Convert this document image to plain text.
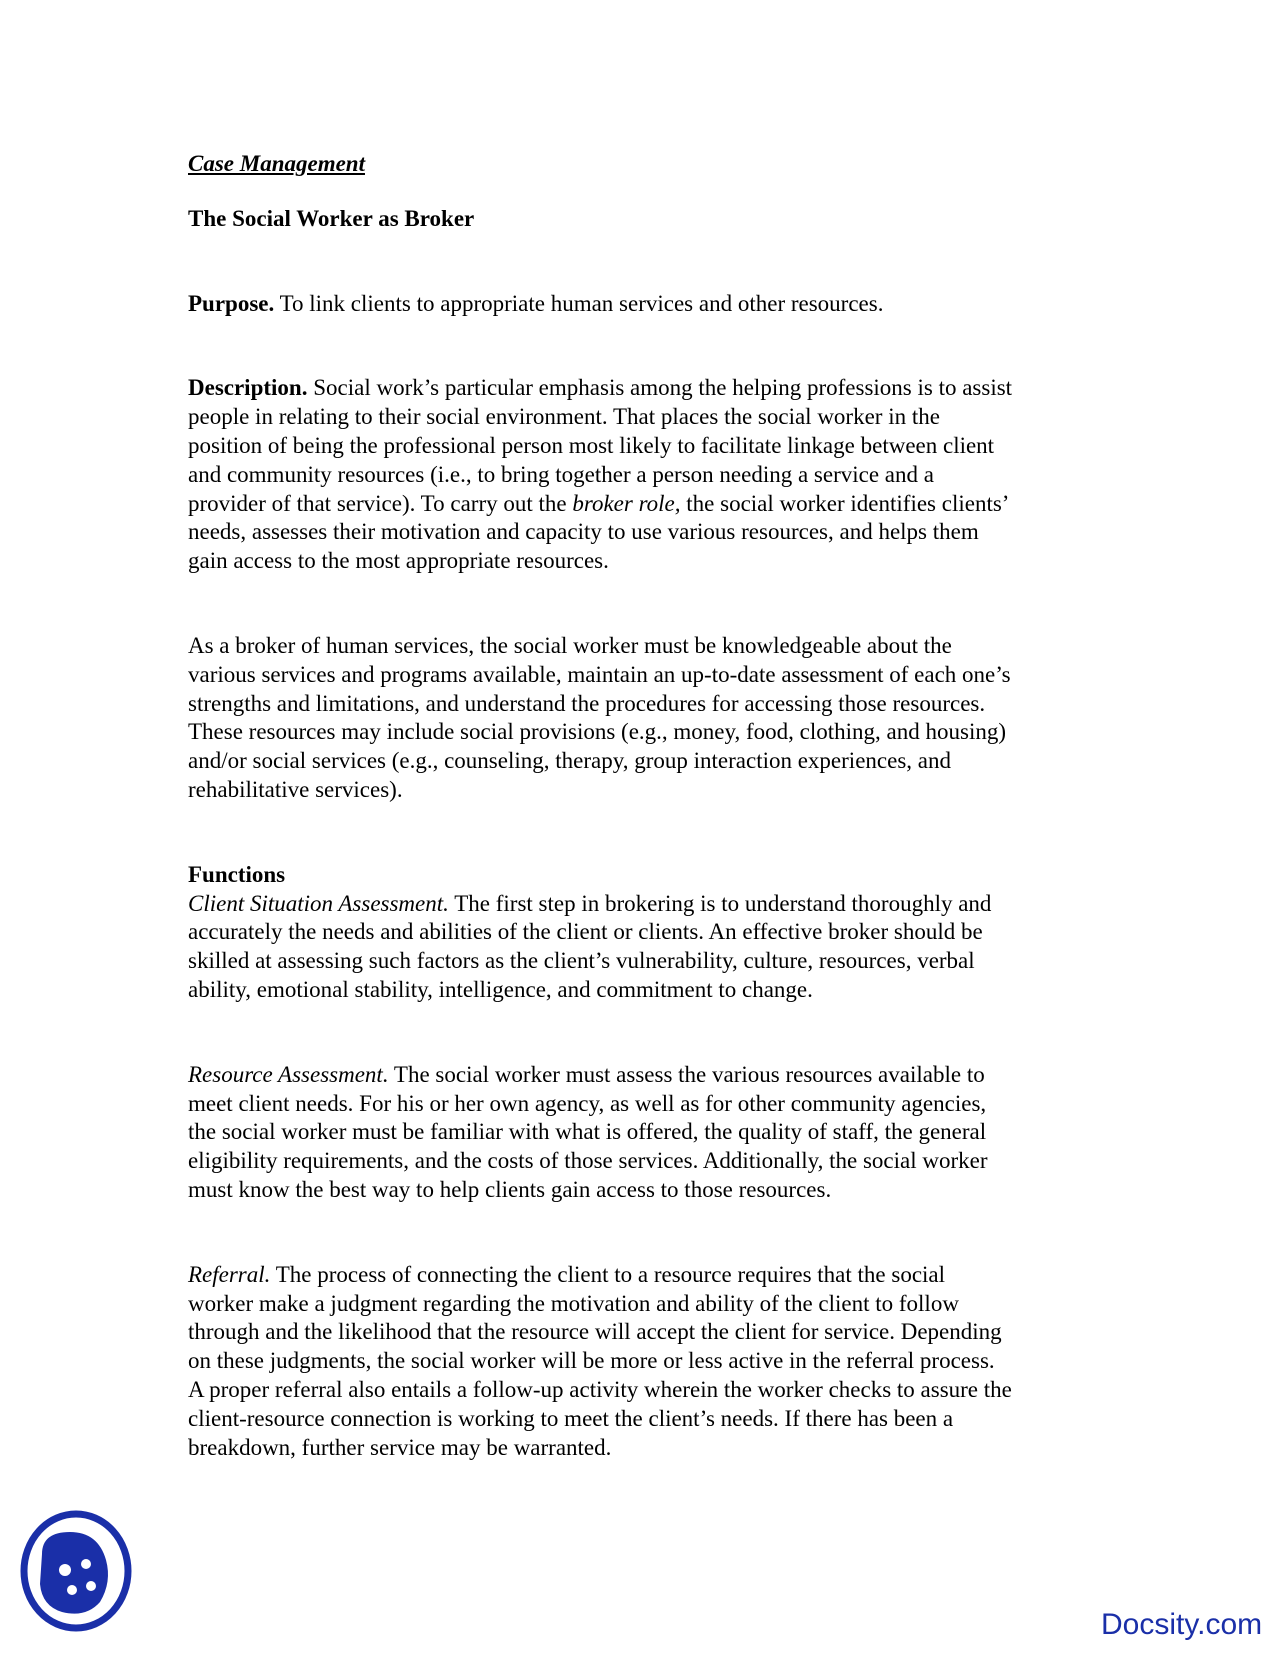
Case Management
The Social Worker as Broker
Purpose. To link clients to appropriate human services and other resources.
Description. Social work’s particular emphasis among the helping professions is to assist
people in relating to their social environment. That places the social worker in the
position of being the professional person most likely to facilitate linkage between client
and community resources (i.e., to bring together a person needing a service and a
provider of that service). To carry out the broker role, the social worker identifies clients’
needs, assesses their motivation and capacity to use various resources, and helps them
gain access to the most appropriate resources.
As a broker of human services, the social worker must be knowledgeable about the
various services and programs available, maintain an up-to-date assessment of each one’s
strengths and limitations, and understand the procedures for accessing those resources.
These resources may include social provisions (e.g., money, food, clothing, and housing)
and/or social services (e.g., counseling, therapy, group interaction experiences, and
rehabilitative services).
Functions
Client Situation Assessment. The first step in brokering is to understand thoroughly and
accurately the needs and abilities of the client or clients. An effective broker should be
skilled at assessing such factors as the client’s vulnerability, culture, resources, verbal
ability, emotional stability, intelligence, and commitment to change.
Resource Assessment. The social worker must assess the various resources available to
meet client needs. For his or her own agency, as well as for other community agencies,
the social worker must be familiar with what is offered, the quality of staff, the general
eligibility requirements, and the costs of those services. Additionally, the social worker
must know the best way to help clients gain access to those resources.
Referral. The process of connecting the client to a resource requires that the social
worker make a judgment regarding the motivation and ability of the client to follow
through and the likelihood that the resource will accept the client for service. Depending
on these judgments, the social worker will be more or less active in the referral process.
A proper referral also entails a follow-up activity wherein the worker checks to assure the
client-resource connection is working to meet the client’s needs. If there has been a
breakdown, further service may be warranted.
Docsity.com
